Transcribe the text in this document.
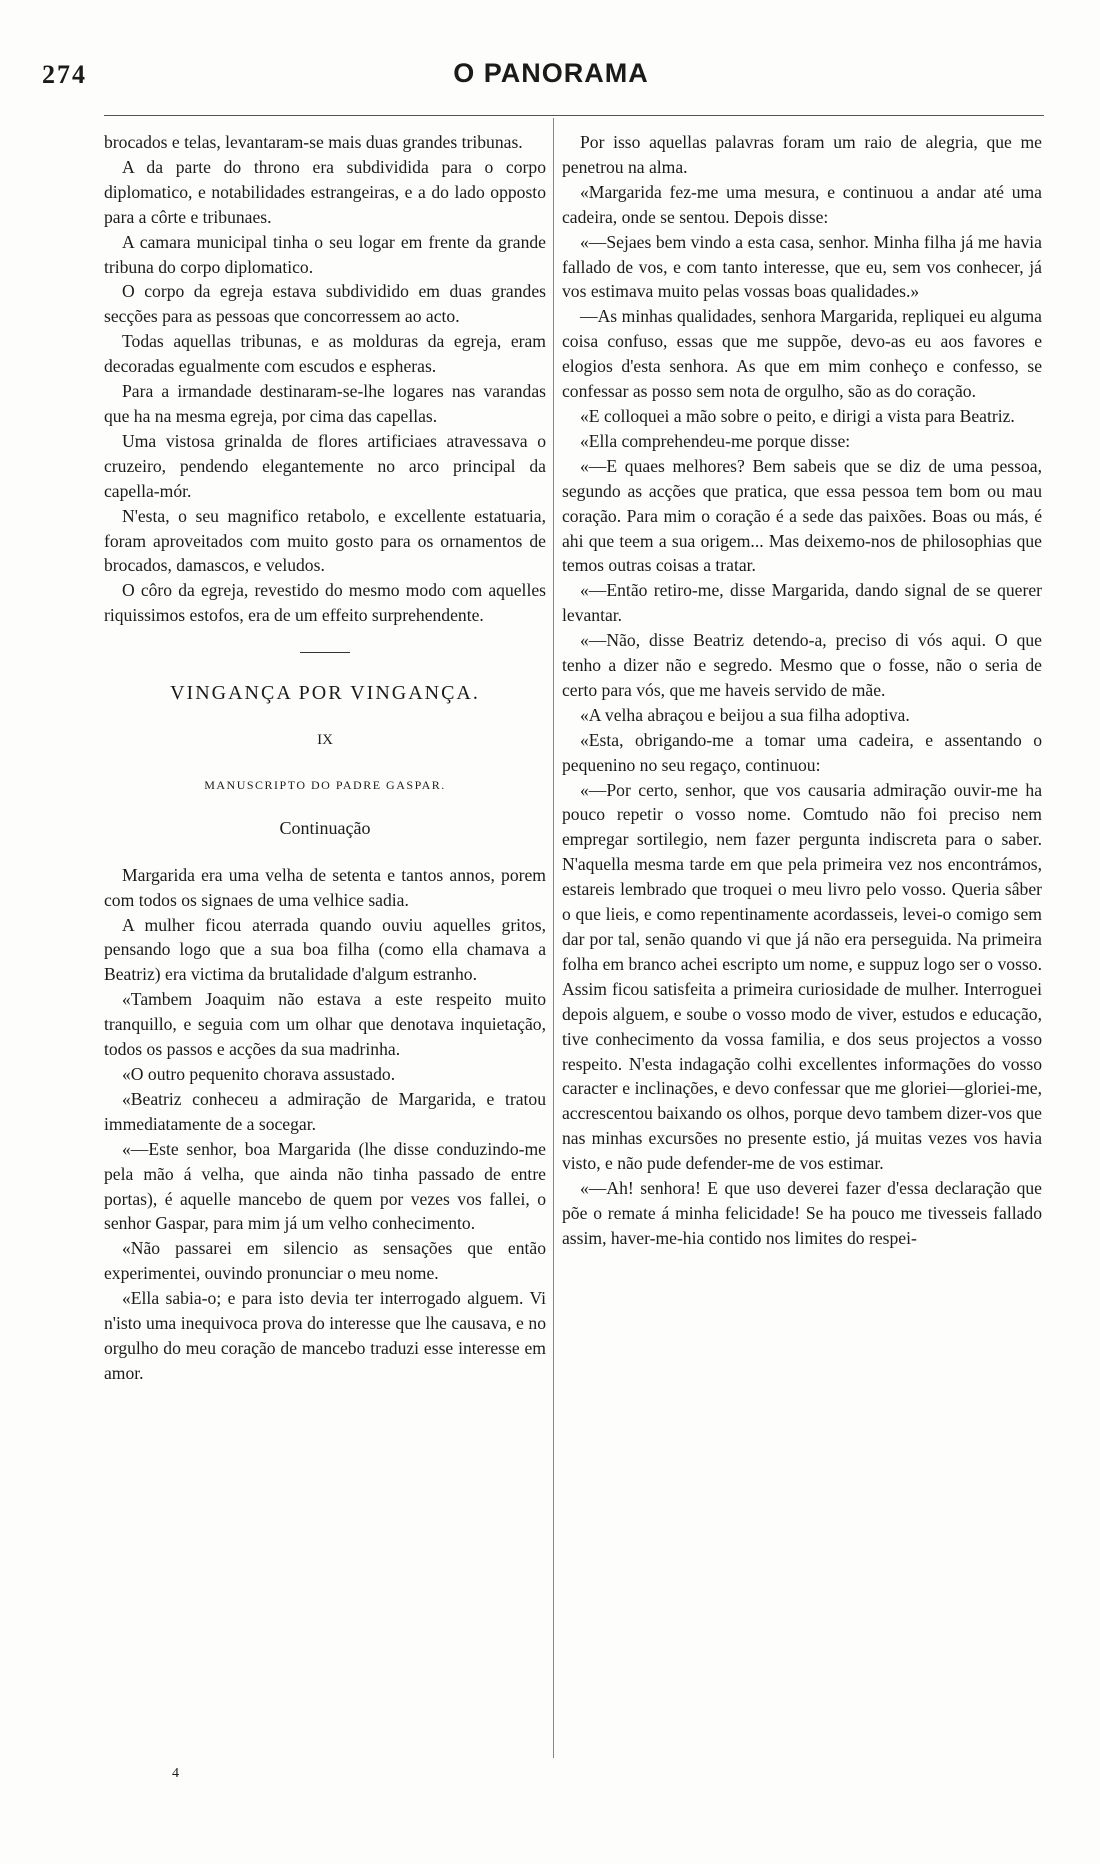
274	O PANORAMA

brocados e telas, levantaram-se mais duas grandes tribunas.

A da parte do throno era subdividida para o corpo diplomatico, e notabilidades estrangeiras, e a do lado opposto para a côrte e tribunaes.

A camara municipal tinha o seu logar em frente da grande tribuna do corpo diplomatico.

O corpo da egreja estava subdividido em duas grandes secções para as pessoas que concorressem ao acto.

Todas aquellas tribunas, e as molduras da egreja, eram decoradas egualmente com escudos e espheras.

Para a irmandade destinaram-se-lhe logares nas varandas que ha na mesma egreja, por cima das capellas.

Uma vistosa grinalda de flores artificiaes atravessava o cruzeiro, pendendo elegantemente no arco principal da capella-mór.

N'esta, o seu magnifico retabolo, e excellente estatuaria, foram aproveitados com muito gosto para os ornamentos de brocados, damascos, e veludos.

O côro da egreja, revestido do mesmo modo com aquelles riquissimos estofos, era de um effeito surprehendente.

VINGANÇA POR VINGANÇA.
IX
MANUSCRIPTO DO PADRE GASPAR.
Continuação

Margarida era uma velha de setenta e tantos annos, porem com todos os signaes de uma velhice sadia.

A mulher ficou aterrada quando ouviu aquelles gritos, pensando logo que a sua boa filha (como ella chamava a Beatriz) era victima da brutalidade d'algum estranho.

«Tambem Joaquim não estava a este respeito muito tranquillo, e seguia com um olhar que denotava inquietação, todos os passos e acções da sua madrinha.

«O outro pequenito chorava assustado.

«Beatriz conheceu a admiração de Margarida, e tratou immediatamente de a socegar.

«—Este senhor, boa Margarida (lhe disse conduzindo-me pela mão á velha, que ainda não tinha passado de entre portas), é aquelle mancebo de quem por vezes vos fallei, o senhor Gaspar, para mim já um velho conhecimento.

«Não passarei em silencio as sensações que então experimentei, ouvindo pronunciar o meu nome.

«Ella sabia-o; e para isto devia ter interrogado alguem. Vi n'isto uma inequivoca prova do interesse que lhe causava, e no orgulho do meu coração de mancebo traduzi esse interesse em amor.

Por isso aquellas palavras foram um raio de alegria, que me penetrou na alma.

«Margarida fez-me uma mesura, e continuou a andar até uma cadeira, onde se sentou. Depois disse:

«—Sejaes bem vindo a esta casa, senhor. Minha filha já me havia fallado de vos, e com tanto interesse, que eu, sem vos conhecer, já vos estimava muito pelas vossas boas qualidades.»

—As minhas qualidades, senhora Margarida, repliquei eu alguma coisa confuso, essas que me suppõe, devo-as eu aos favores e elogios d'esta senhora. As que em mim conheço e confesso, se confessar as posso sem nota de orgulho, são as do coração.

«E colloquei a mão sobre o peito, e dirigi a vista para Beatriz.

«Ella comprehendeu-me porque disse:

«—E quaes melhores? Bem sabeis que se diz de uma pessoa, segundo as acções que pratica, que essa pessoa tem bom ou mau coração. Para mim o coração é a sede das paixões. Boas ou más, é ahi que teem a sua origem... Mas deixemo-nos de philosophias que temos outras coisas a tratar.

«—Então retiro-me, disse Margarida, dando signal de se querer levantar.

«—Não, disse Beatriz detendo-a, preciso di vós aqui. O que tenho a dizer não e segredo. Mesmo que o fosse, não o seria de certo para vós, que me haveis servido de mãe.

«A velha abraçou e beijou a sua filha adoptiva.

«Esta, obrigando-me a tomar uma cadeira, e assentando o pequenino no seu regaço, continuou:

«—Por certo, senhor, que vos causaria admiração ouvir-me ha pouco repetir o vosso nome. Comtudo não foi preciso nem empregar sortilegio, nem fazer pergunta indiscreta para o saber. N'aquella mesma tarde em que pela primeira vez nos encontrámos, estareis lembrado que troquei o meu livro pelo vosso. Queria sâber o que lieis, e como repentinamente acordasseis, levei-o comigo sem dar por tal, senão quando vi que já não era perseguida. Na primeira folha em branco achei escripto um nome, e suppuz logo ser o vosso. Assim ficou satisfeita a primeira curiosidade de mulher. Interroguei depois alguem, e soube o vosso modo de viver, estudos e educação, tive conhecimento da vossa familia, e dos seus projectos a vosso respeito. N'esta indagação colhi excellentes informações do vosso caracter e inclinações, e devo confessar que me gloriei—gloriei-me, accrescentou baixando os olhos, porque devo tambem dizer-vos que nas minhas excursões no presente estio, já muitas vezes vos havia visto, e não pude defender-me de vos estimar.

«—Ah! senhora! E que uso deverei fazer d'essa declaração que põe o remate á minha felicidade! Se ha pouco me tivesseis fallado assim, haver-me-hia contido nos limites do respei-

4
